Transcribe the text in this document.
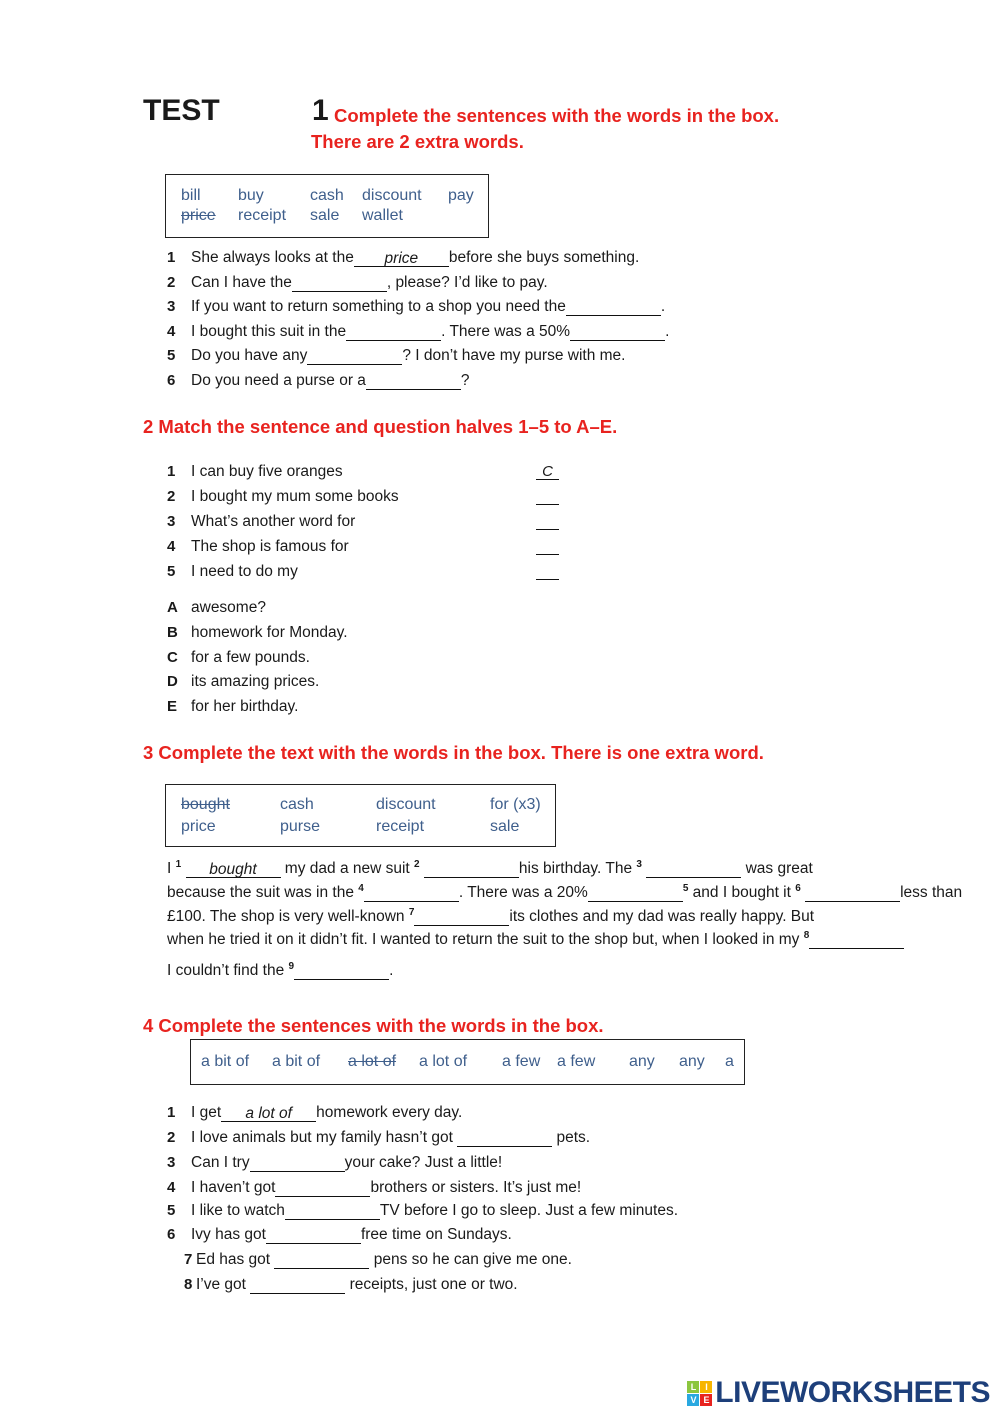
TEST	1 Complete the sentences with the words in the box.
There are 2 extra words.
bill buy	cash discount pay
price receipt sale wallet
1 She always looks at the price before she buys something.
2 Can I have the	, please? I’d like to pay.
3 If you want to return something to a shop you need the	.
4 I bought this suit in the	. There was a 50%	.
5 Do you have any	? I don’t have my purse with me.
6 Do you need a purse or a	?
2 Match the sentence and question halves 1–5 to A–E.
1 I can buy five oranges	C
2 I bought my mum some books
3 What’s another word for
4 The shop is famous for
5 I need to do my
A awesome?
B homework for Monday.
C for a few pounds.
D its amazing prices.
E for her birthday.
3 Complete the text with the words in the box. There is one extra word.
bought	cash	discount	for (x3)
price	purse	receipt	sale
I $^1$ bought my dad a new suit $^2$	his birthday. The $^3$	was great
because the suit was in the $^4$	. There was a 20%	$^5$ and I bought it $^6$	less than
£100. The shop is very well-known $^7$	its clothes and my dad was really happy. But
when he tried it on it didn’t fit. I wanted to return the suit to the shop but, when I looked in my $^8$
I couldn’t find the $^9$	.
4 Complete the sentences with the words in the box.
a bit of a bit of a lot of a lot of a few a few any any a
1 I get a lot of homework every day.
2 I love animals but my family hasn’t got	pets.
3 Can I try	your cake? Just a little!
4 I haven’t got	brothers or sisters. It’s just me!
5 I like to watch	TV before I go to sleep. Just a few minutes.
6 Ivy has got	free time on Sundays.
7 Ed has got	pens so he can give me one.
8 I’ve got	receipts, just one or two.
L	I
V E LIVEWORKSHEETS
